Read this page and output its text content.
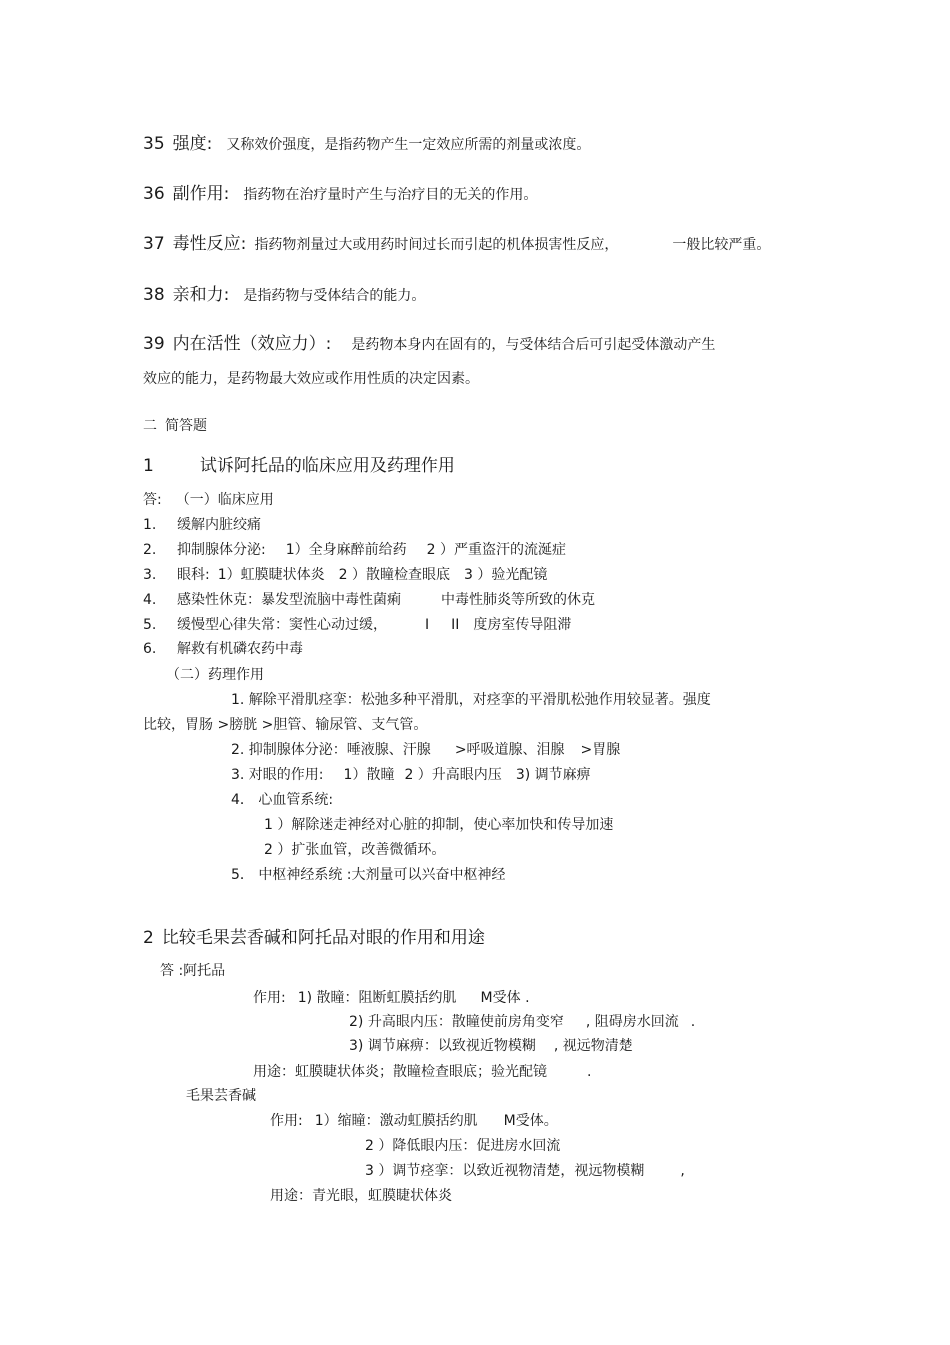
35 强度: 又称效价强度，是指药物产生一定效应所需的剂量或浓度。
36 副作用: 指药物在治疗量时产生与治疗目的无关的作用。
37 毒性反应: 指药物剂量过大或用药时间过长而引起的机体损害性反应，	一般比较严重。
38 亲和力: 是指药物与受体结合的能力。
39 内在活性（效应力）: 是药物本身内在固有的，与受体结合后可引起受体激动产生
效应的能力，是药物最大效应或作用性质的决定因素。
二 简答题
1	试诉阿托品的临床应用及药理作用
答: （一）临床应用
1. 缓解内脏绞痛
2. 抑制腺体分泌: 1）全身麻醉前给药 2 ）严重盗汗的流涎症
3. 眼科: 1）虹膜睫状体炎 2 ）散瞳检查眼底 3 ）验光配镜
4. 感染性休克：暴发型流脑中毒性菌痢	中毒性肺炎等所致的休克
5. 缓慢型心律失常：窦性心动过缓，	I II 度房室传导阻滞
6. 解救有机磷农药中毒
（二）药理作用
1. 解除平滑肌痉挛：松弛多种平滑肌，对痉挛的平滑肌松弛作用较显著。强度
比较，胃肠 >膀胱 >胆管、输尿管、支气管。
2. 抑制腺体分泌：唾液腺、汗腺 >呼吸道腺、泪腺 >胃腺
3. 对眼的作用: 1）散瞳 2 ）升高眼内压 3) 调节麻痹
4． 心血管系统:
1 ）解除迷走神经对心脏的抑制，使心率加快和传导加速
2 ）扩张血管，改善微循环。
5． 中枢神经系统 :大剂量可以兴奋中枢神经
2 比较毛果芸香碱和阿托品对眼的作用和用途
答 :阿托品
作用: 1) 散瞳：阻断虹膜括约肌 M受体 .
2) 升高眼内压：散瞳使前房角变窄 , 阻碍房水回流 .
3) 调节麻痹：以致视近物模糊 , 视远物清楚
用途：虹膜睫状体炎；散瞳检查眼底；验光配镜	.
毛果芸香碱
作用: 1）缩瞳：激动虹膜括约肌 M受体。
2 ）降低眼内压：促进房水回流
3 ）调节痉挛：以致近视物清楚，视远物模糊	,
用途：青光眼，虹膜睫状体炎
